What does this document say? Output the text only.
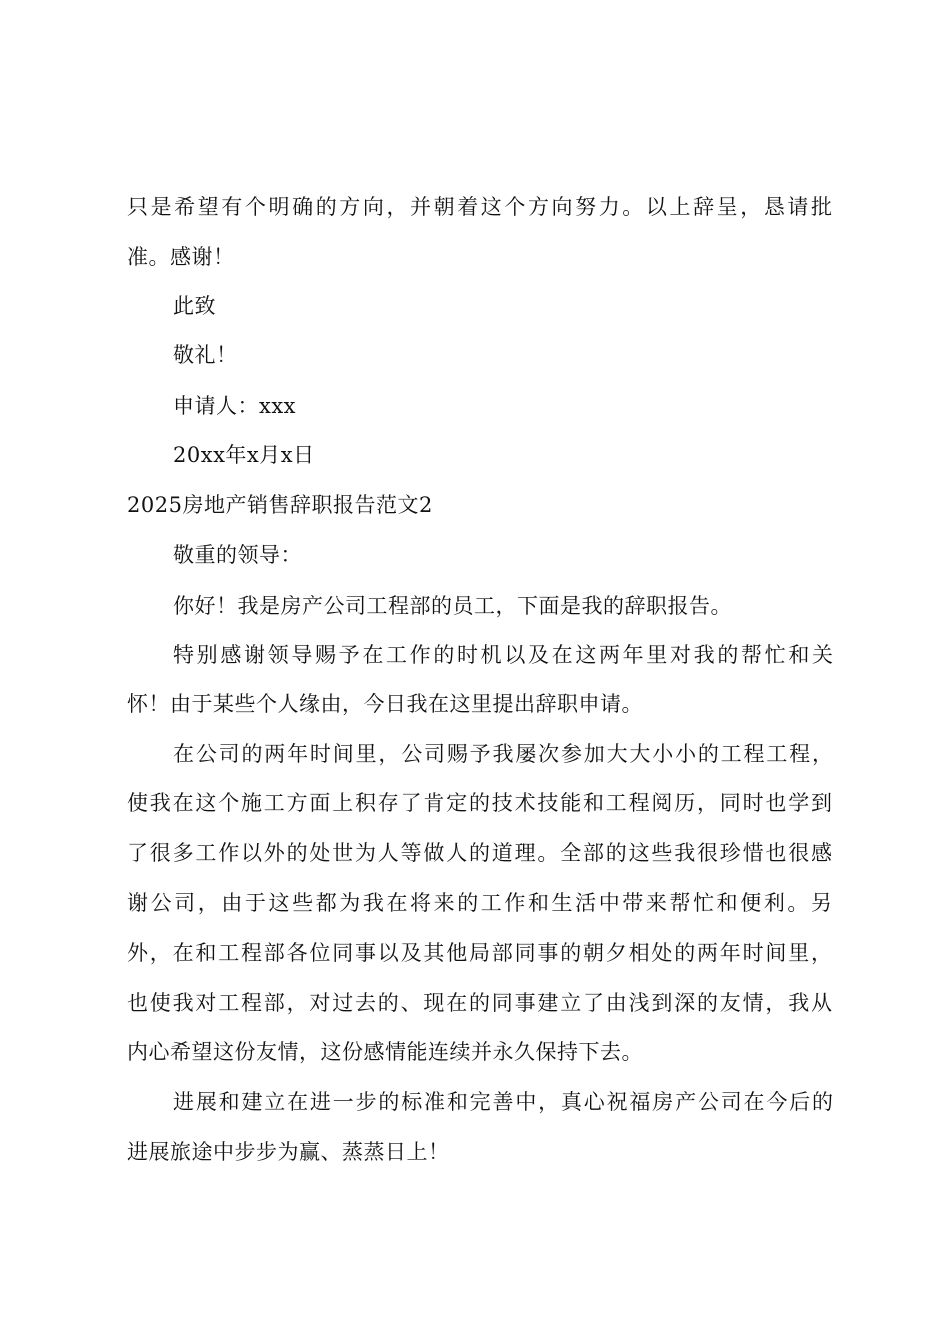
只是希望有个明确的方向，并朝着这个方向努力。以上辞呈，恳请批
准。感谢！
此致
敬礼！
申请人：xxx
20xx年x月x日
2025房地产销售辞职报告范文2
敬重的领导：
你好！我是房产公司工程部的员工，下面是我的辞职报告。
特别感谢领导赐予在工作的时机以及在这两年里对我的帮忙和关
怀！由于某些个人缘由，今日我在这里提出辞职申请。
在公司的两年时间里，公司赐予我屡次参加大大小小的工程工程，
使我在这个施工方面上积存了肯定的技术技能和工程阅历，同时也学到
了很多工作以外的处世为人等做人的道理。全部的这些我很珍惜也很感
谢公司，由于这些都为我在将来的工作和生活中带来帮忙和便利。另
外，在和工程部各位同事以及其他局部同事的朝夕相处的两年时间里，
也使我对工程部，对过去的、现在的同事建立了由浅到深的友情，我从
内心希望这份友情，这份感情能连续并永久保持下去。
进展和建立在进一步的标准和完善中，真心祝福房产公司在今后的
进展旅途中步步为赢、蒸蒸日上！
